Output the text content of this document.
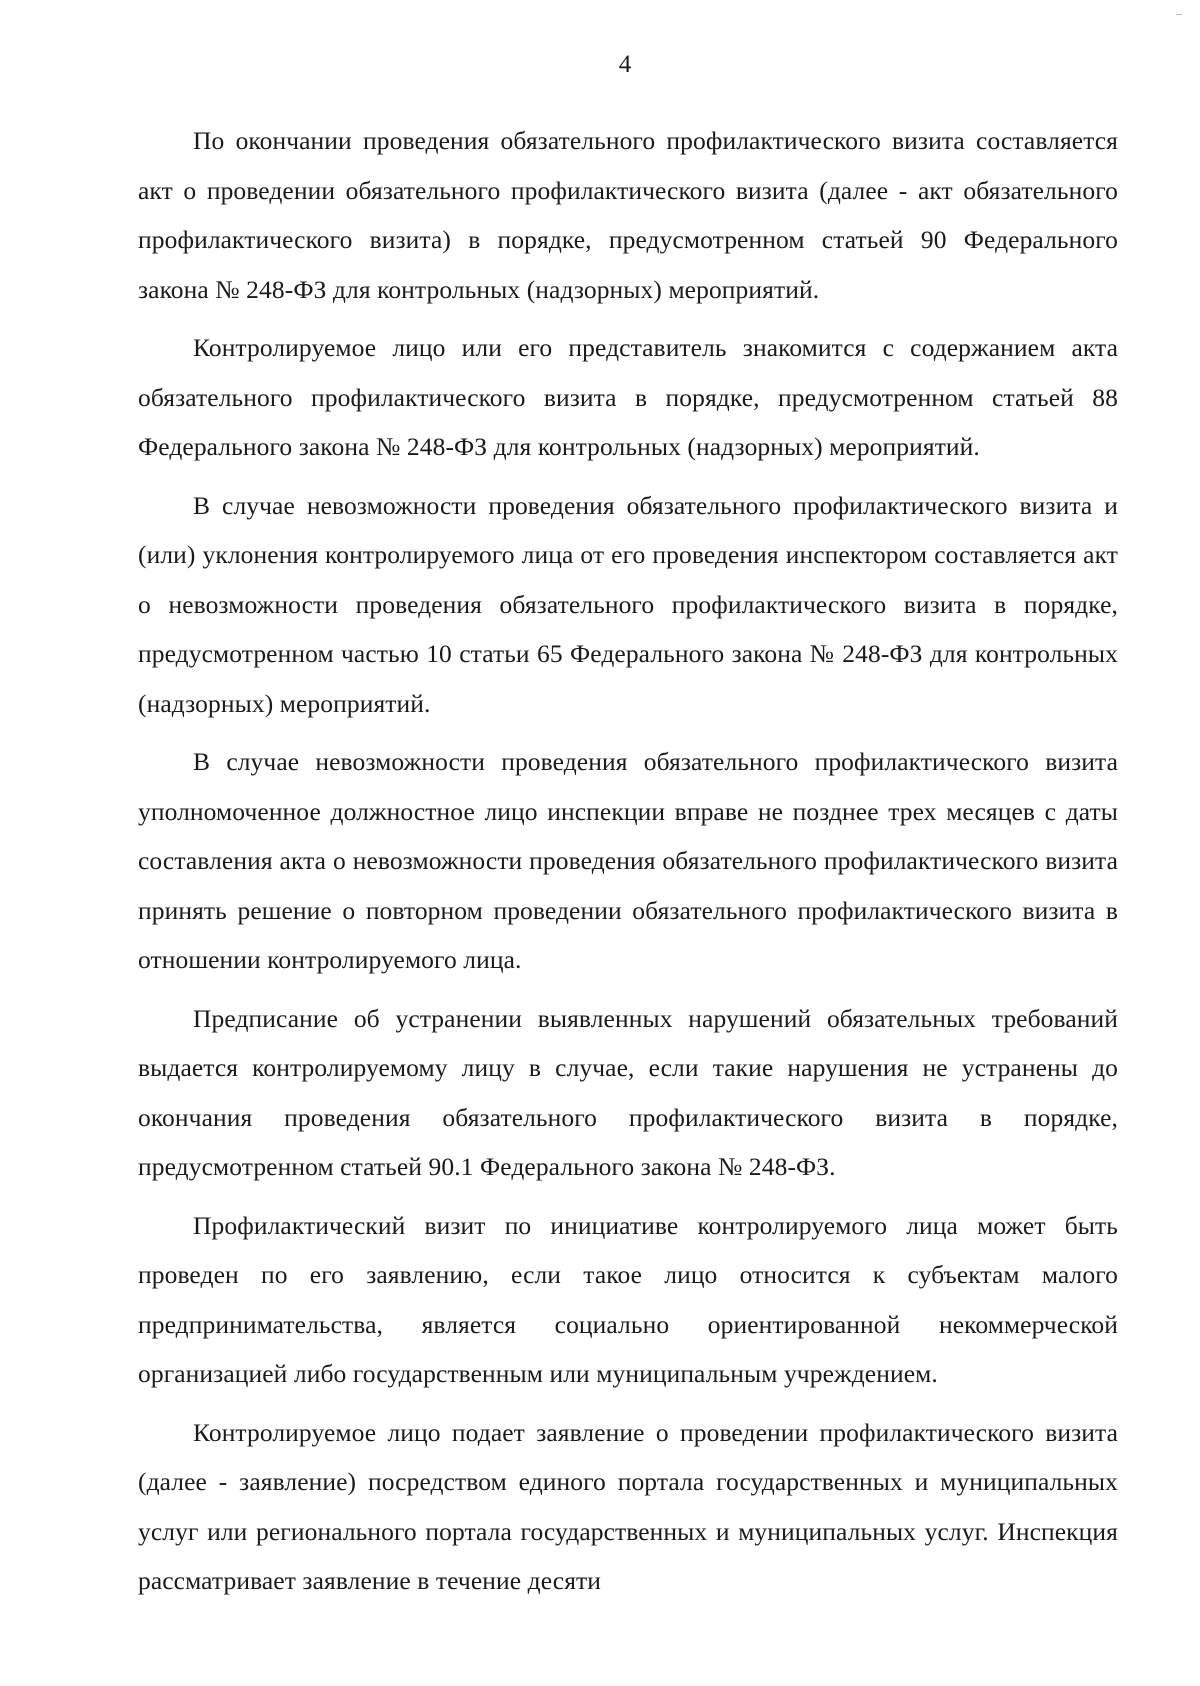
4

По окончании проведения обязательного профилактического визита составляется акт о проведении обязательного профилактического визита (далее - акт обязательного профилактического визита) в порядке, предусмотренном статьей 90 Федерального закона № 248-ФЗ для контрольных (надзорных) мероприятий.

Контролируемое лицо или его представитель знакомится с содержанием акта обязательного профилактического визита в порядке, предусмотренном статьей 88 Федерального закона № 248-ФЗ для контрольных (надзорных) мероприятий.

В случае невозможности проведения обязательного профилактического визита и (или) уклонения контролируемого лица от его проведения инспектором составляется акт о невозможности проведения обязательного профилактического визита в порядке, предусмотренном частью 10 статьи 65 Федерального закона № 248-ФЗ для контрольных (надзорных) мероприятий.

В случае невозможности проведения обязательного профилактического визита уполномоченное должностное лицо инспекции вправе не позднее трех месяцев с даты составления акта о невозможности проведения обязательного профилактического визита принять решение о повторном проведении обязательного профилактического визита в отношении контролируемого лица.

Предписание об устранении выявленных нарушений обязательных требований выдается контролируемому лицу в случае, если такие нарушения не устранены до окончания проведения обязательного профилактического визита в порядке, предусмотренном статьей 90.1 Федерального закона № 248-ФЗ.

Профилактический визит по инициативе контролируемого лица может быть проведен по его заявлению, если такое лицо относится к субъектам малого предпринимательства, является социально ориентированной некоммерческой организацией либо государственным или муниципальным учреждением.

Контролируемое лицо подает заявление о проведении профилактического визита (далее - заявление) посредством единого портала государственных и муниципальных услуг или регионального портала государственных и муниципальных услуг. Инспекция рассматривает заявление в течение десяти
